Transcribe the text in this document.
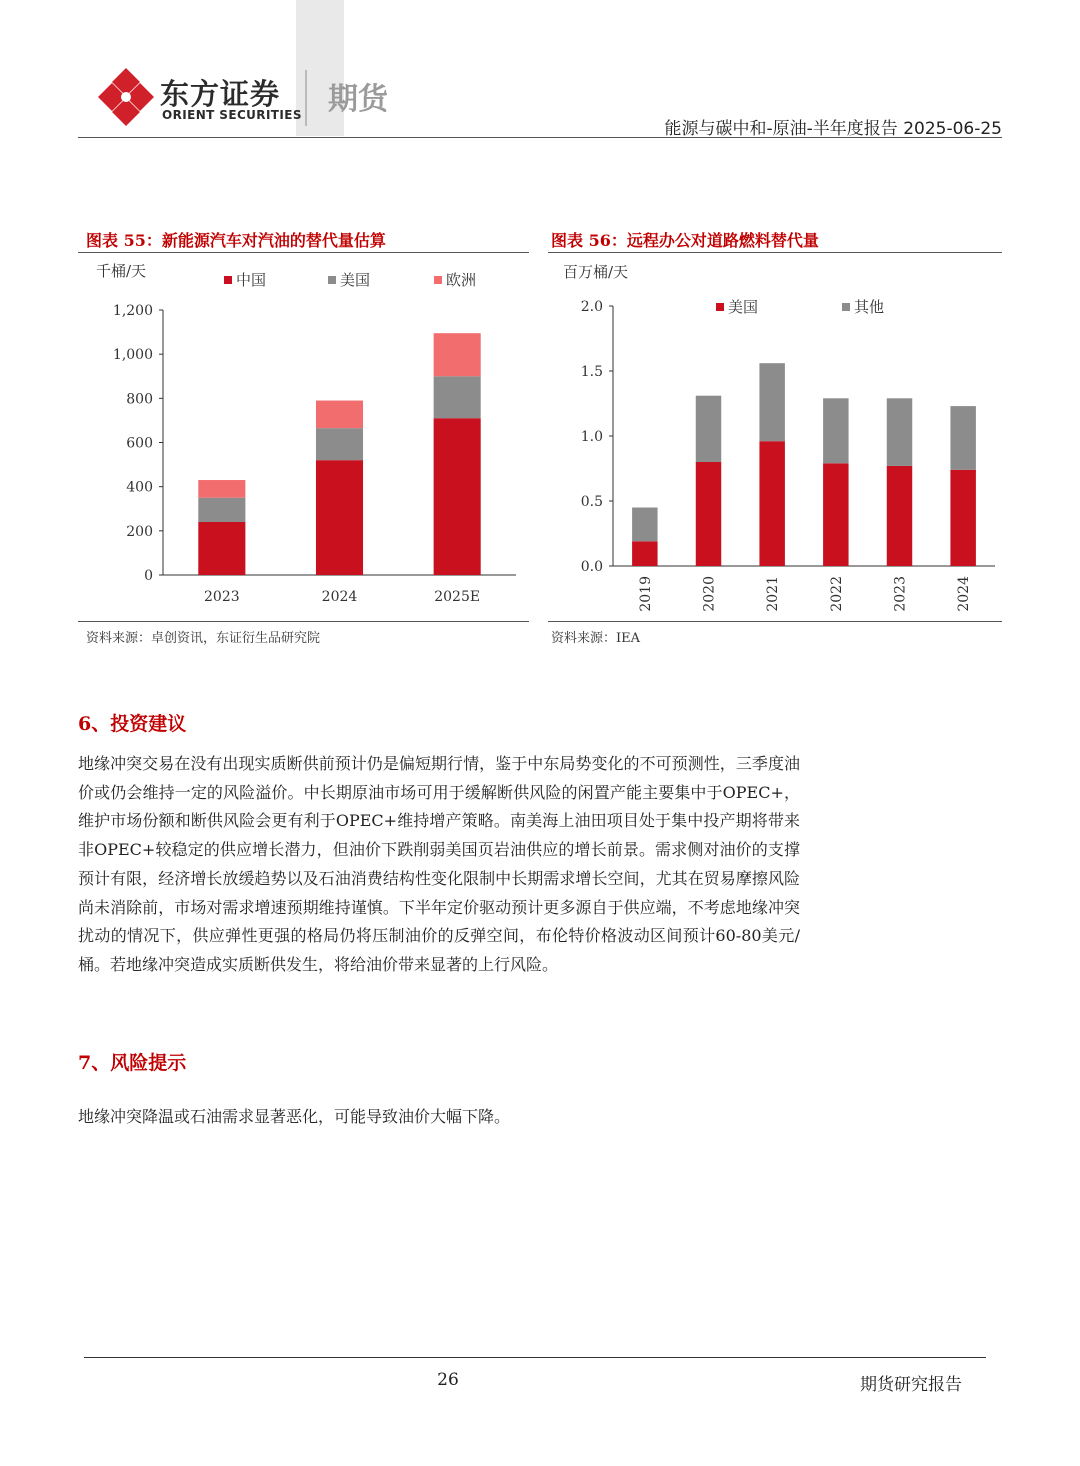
东方证券
ORIENT SECURITIES 期货
能源与碳中和-原油-半年度报告 2025-06-25
图表 55：新能源汽车对汽油的替代量估算
千桶/天	中国	美国	欧洲
0
200
400
600
800
1,000
1,200
2023	2024	2025E
资料来源：卓创资讯，东证衍生品研究院
图表 56：远程办公对道路燃料替代量
百万桶/天
美国	其他
0.0
0.5
1.0
1.5
2.0
2019	2020	2021	2022	2023	2024
资料来源：IEA
6、投资建议
地缘冲突交易在没有出现实质断供前预计仍是偏短期行情，鉴于中东局势变化的不可预测性，三季度油价或仍会维持一定的风险溢价。中长期原油市场可用于缓解断供风险的闲置产能主要集中于OPEC+，维护市场份额和断供风险会更有利于OPEC+维持增产策略。南美海上油田项目处于集中投产期将带来非OPEC+较稳定的供应增长潜力，但油价下跌削弱美国页岩油供应的增长前景。需求侧对油价的支撑预计有限，经济增长放缓趋势以及石油消费结构性变化限制中长期需求增长空间，尤其在贸易摩擦风险尚未消除前，市场对需求增速预期维持谨慎。下半年定价驱动预计更多源自于供应端，不考虑地缘冲突扰动的情况下，供应弹性更强的格局仍将压制油价的反弹空间，布伦特价格波动区间预计60-80美元/桶。若地缘冲突造成实质断供发生，将给油价带来显著的上行风险。
7、风险提示
地缘冲突降温或石油需求显著恶化，可能导致油价大幅下降。
26	期货研究报告
